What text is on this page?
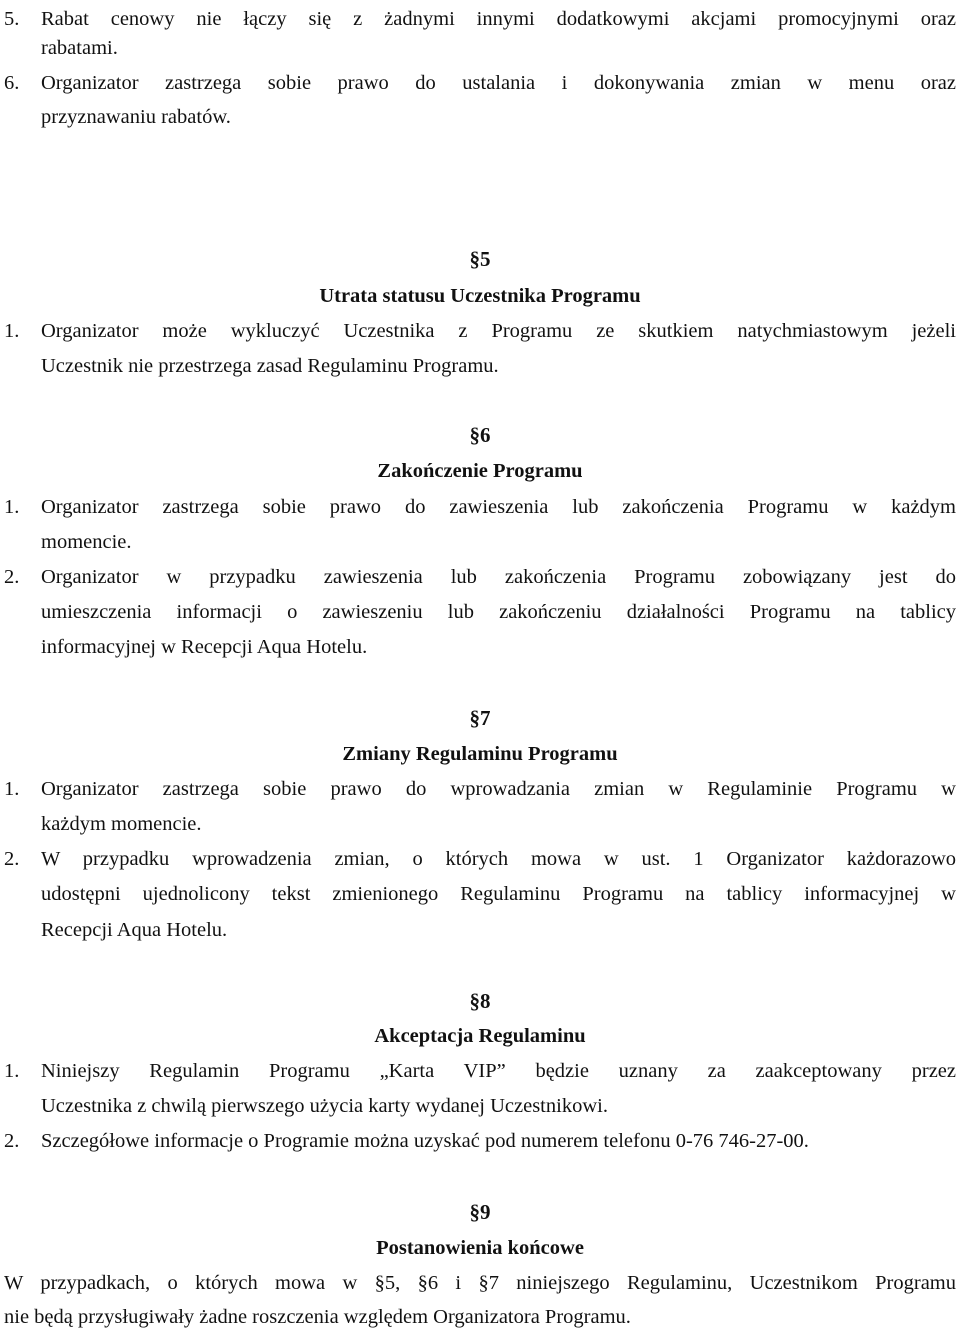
5. Rabat cenowy nie łączy się z żadnymi innymi dodatkowymi akcjami promocyjnymi oraz
rabatami.
6. Organizator zastrzega sobie prawo do ustalania i dokonywania zmian w menu oraz
przyznawaniu rabatów.
§5
Utrata statusu Uczestnika Programu
1. Organizator może wykluczyć Uczestnika z Programu ze skutkiem natychmiastowym jeżeli
Uczestnik nie przestrzega zasad Regulaminu Programu.
§6
Zakończenie Programu
1. Organizator zastrzega sobie prawo do zawieszenia lub zakończenia Programu w każdym
momencie.
2. Organizator w przypadku zawieszenia lub zakończenia Programu zobowiązany jest do
umieszczenia informacji o zawieszeniu lub zakończeniu działalności Programu na tablicy
informacyjnej w Recepcji Aqua Hotelu.
§7
Zmiany Regulaminu Programu
1. Organizator zastrzega sobie prawo do wprowadzania zmian w Regulaminie Programu w
każdym momencie.
2. W przypadku wprowadzenia zmian, o których mowa w ust. 1 Organizator każdorazowo
udostępni ujednolicony tekst zmienionego Regulaminu Programu na tablicy informacyjnej w
Recepcji Aqua Hotelu.
§8
Akceptacja Regulaminu
1. Niniejszy Regulamin Programu „Karta VIP” będzie uznany za zaakceptowany przez
Uczestnika z chwilą pierwszego użycia karty wydanej Uczestnikowi.
2. Szczegółowe informacje o Programie można uzyskać pod numerem telefonu 0-76 746-27-00.
§9
Postanowienia końcowe
W przypadkach, o których mowa w §5, §6 i §7 niniejszego Regulaminu, Uczestnikom Programu
nie będą przysługiwały żadne roszczenia względem Organizatora Programu.
